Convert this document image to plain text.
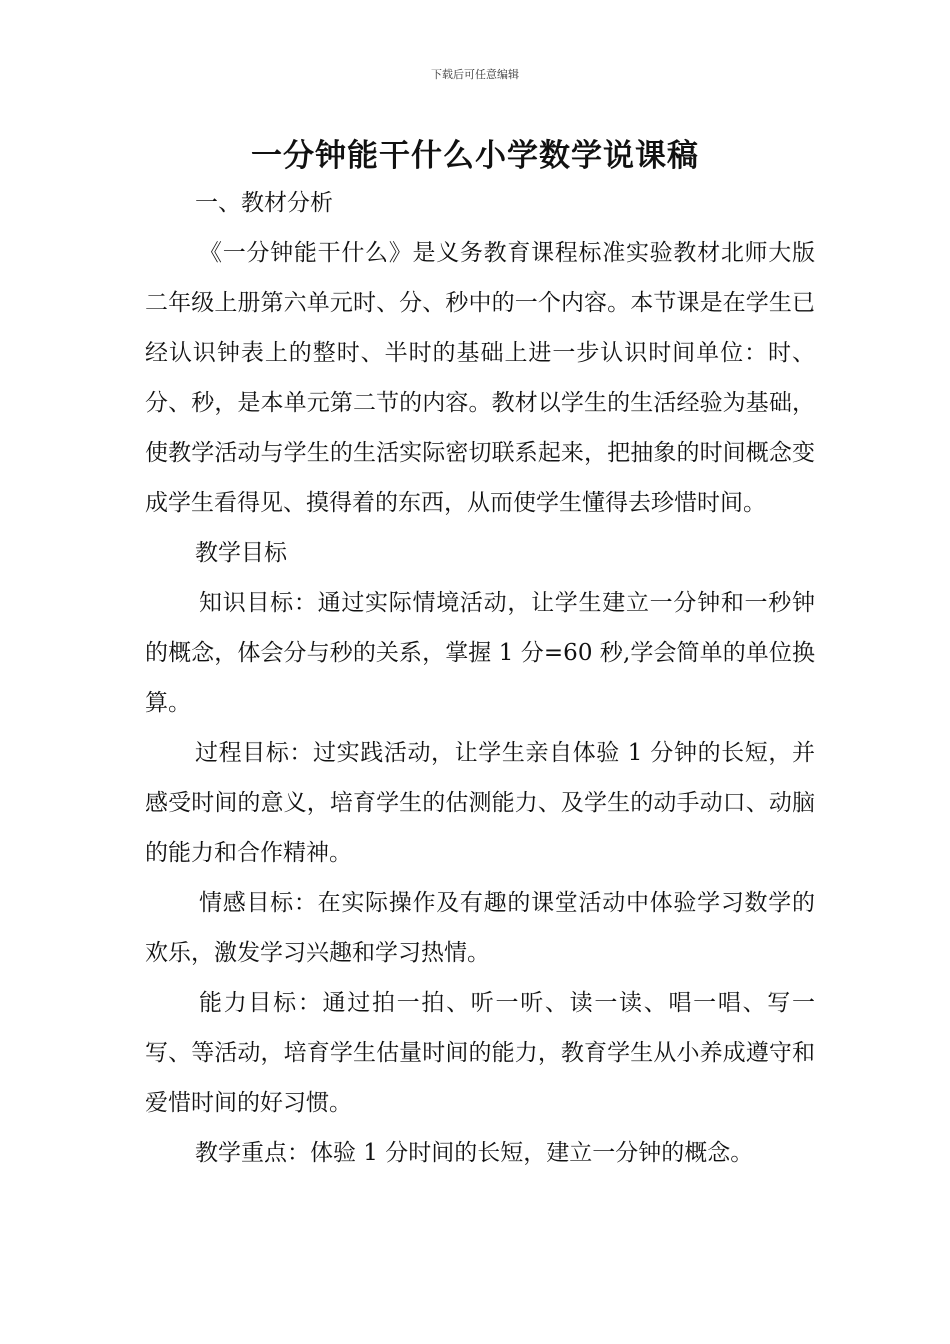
下载后可任意编辑
一分钟能干什么小学数学说课稿

一、教材分析

《一分钟能干什么》是义务教育课程标准实验教材北师大版二年级上册第六单元时、分、秒中的一个内容。本节课是在学生已经认识钟表上的整时、半时的基础上进一步认识时间单位：时、分、秒，是本单元第二节的内容。教材以学生的生活经验为基础，使教学活动与学生的生活实际密切联系起来，把抽象的时间概念变成学生看得见、摸得着的东西，从而使学生懂得去珍惜时间。

教学目标

知识目标：通过实际情境活动，让学生建立一分钟和一秒钟的概念，体会分与秒的关系，掌握 1 分=60 秒,学会简单的单位换算。

过程目标：过实践活动，让学生亲自体验 1 分钟的长短，并感受时间的意义，培育学生的估测能力、及学生的动手动口、动脑的能力和合作精神。

情感目标：在实际操作及有趣的课堂活动中体验学习数学的欢乐，激发学习兴趣和学习热情。

能力目标：通过拍一拍、听一听、读一读、唱一唱、写一写、等活动，培育学生估量时间的能力，教育学生从小养成遵守和爱惜时间的好习惯。

教学重点：体验 1 分时间的长短，建立一分钟的概念。
